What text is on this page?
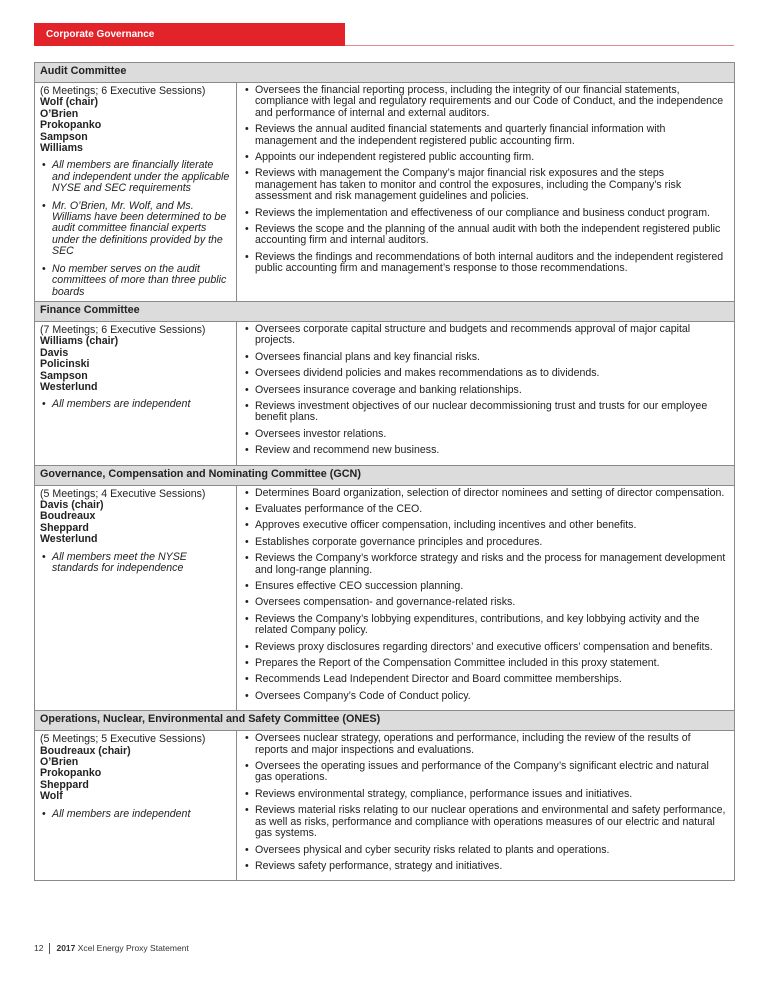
Corporate Governance
Audit Committee	

(6 Meetings; 6 Executive Sessions)
Wolf (chair)
O’Brien
Prokopanko
Sampson
Williams
• All members are financially literate and independent under the applicable NYSE and SEC requirements
• Mr. O’Brien, Mr. Wolf, and Ms. Williams have been determined to be audit committee financial experts under the definitions provided by the SEC
• No member serves on the audit committees of more than three public boards

• Oversees the financial reporting process, including the integrity of our financial statements, compliance with legal and regulatory requirements and our Code of Conduct, and the independence and performance of internal and external auditors.
• Reviews the annual audited financial statements and quarterly financial information with management and the independent registered public accounting firm.
• Appoints our independent registered public accounting firm.
• Reviews with management the Company’s major financial risk exposures and the steps management has taken to monitor and control the exposures, including the Company’s risk assessment and risk management guidelines and policies.
• Reviews the implementation and effectiveness of our compliance and business conduct program.
• Reviews the scope and the planning of the annual audit with both the independent registered public accounting firm and internal auditors.
• Reviews the findings and recommendations of both internal auditors and the independent registered public accounting firm and management’s response to those recommendations.

Finance Committee	

(7 Meetings; 6 Executive Sessions)
Williams (chair)
Davis
Policinski
Sampson
Westerlund
• All members are independent

• Oversees corporate capital structure and budgets and recommends approval of major capital projects.
• Oversees financial plans and key financial risks.
• Oversees dividend policies and makes recommendations as to dividends.
• Oversees insurance coverage and banking relationships.
• Reviews investment objectives of our nuclear decommissioning trust and trusts for our employee benefit plans.
• Oversees investor relations.
• Review and recommend new business.

Governance, Compensation and Nominating Committee (GCN)	

(5 Meetings; 4 Executive Sessions)
Davis (chair)
Boudreaux
Sheppard
Westerlund
• All members meet the NYSE standards for independence

• Determines Board organization, selection of director nominees and setting of director compensation.
• Evaluates performance of the CEO.
• Approves executive officer compensation, including incentives and other benefits.
• Establishes corporate governance principles and procedures.
• Reviews the Company’s workforce strategy and risks and the process for management development and long-range planning.
• Ensures effective CEO succession planning.
• Oversees compensation- and governance-related risks.
• Reviews the Company’s lobbying expenditures, contributions, and key lobbying activity and the related Company policy.
• Reviews proxy disclosures regarding directors’ and executive officers’ compensation and benefits.
• Prepares the Report of the Compensation Committee included in this proxy statement.
• Recommends Lead Independent Director and Board committee memberships.
• Oversees Company’s Code of Conduct policy.

Operations, Nuclear, Environmental and Safety Committee (ONES)	

(5 Meetings; 5 Executive Sessions)
Boudreaux (chair)
O’Brien
Prokopanko
Sheppard
Wolf
• All members are independent

• Oversees nuclear strategy, operations and performance, including the review of the results of reports and major inspections and evaluations.
• Oversees the operating issues and performance of the Company’s significant electric and natural gas operations.
• Reviews environmental strategy, compliance, performance issues and initiatives.
• Reviews material risks relating to our nuclear operations and environmental and safety performance, as well as risks, performance and compliance with operations measures of our electric and natural gas systems.
• Oversees physical and cyber security risks related to plants and operations.
• Reviews safety performance, strategy and initiatives.
12 2017 Xcel Energy Proxy Statement
